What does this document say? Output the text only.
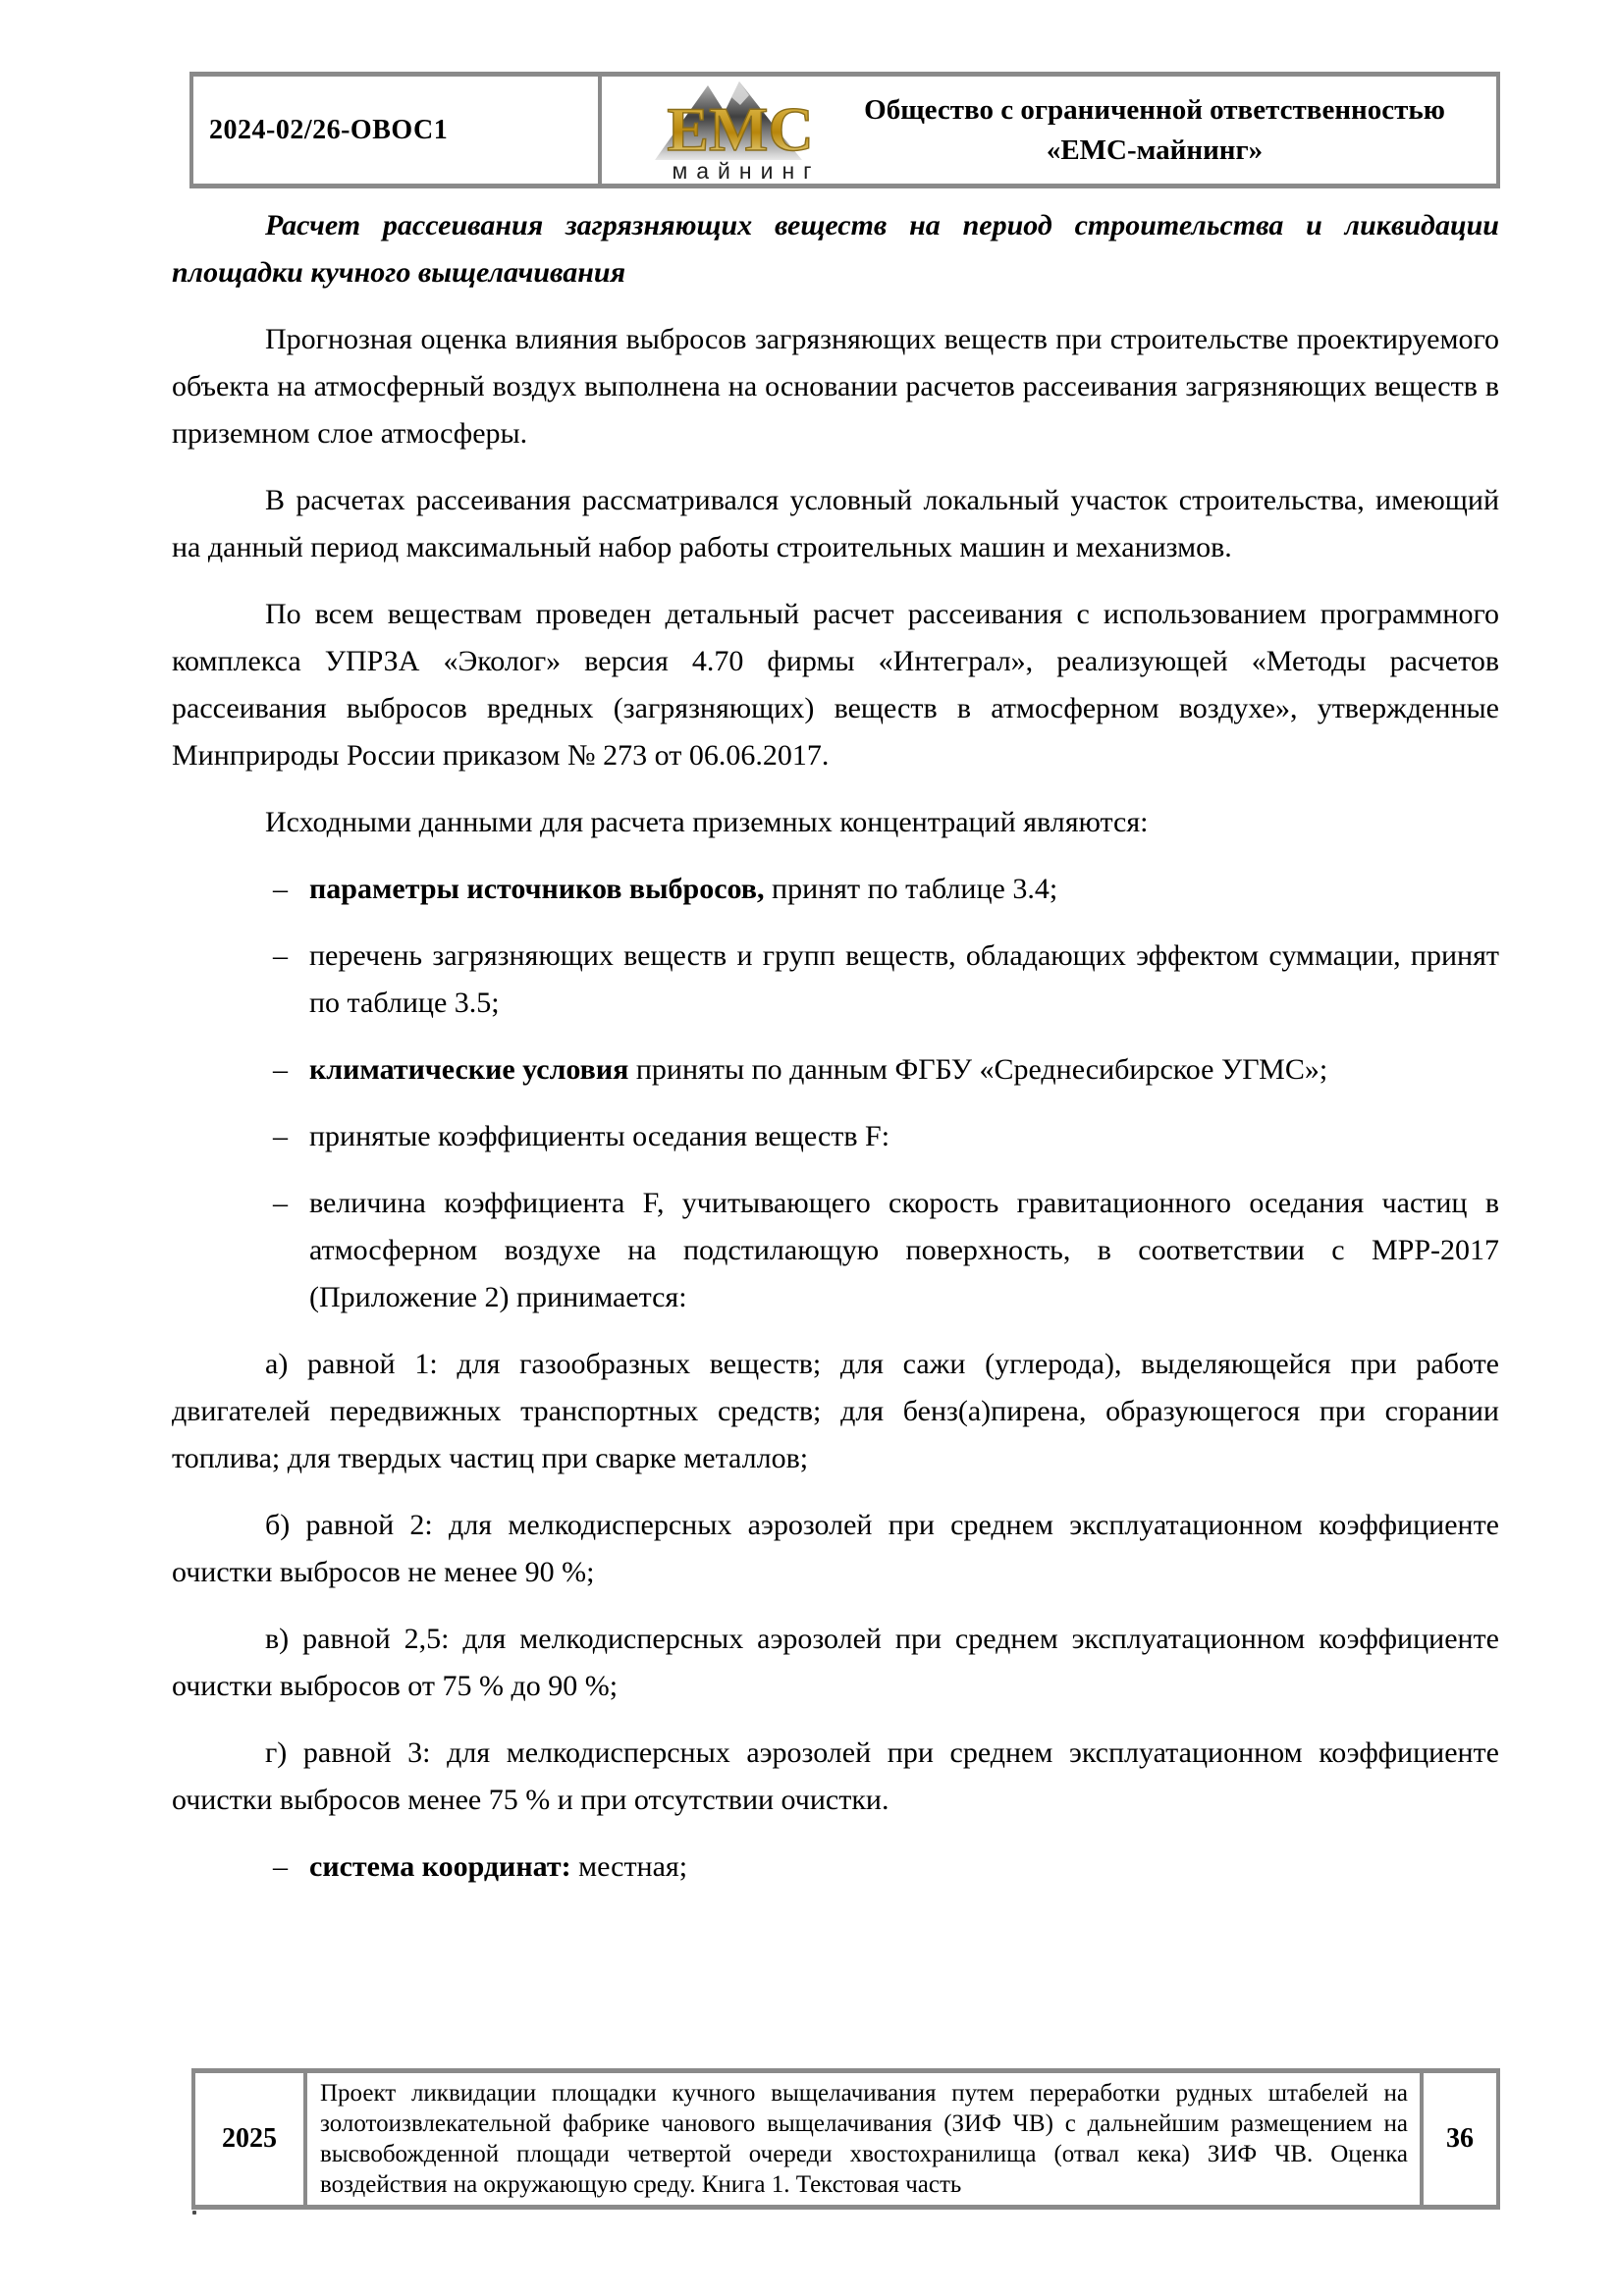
2024-02/26-ОВОС1	ЕМС
майнинг
Общество с ограниченной ответственностью
«ЕМС-майнинг»

Расчет рассеивания загрязняющих веществ на период строительства и ликвидации площадки кучного выщелачивания

Прогнозная оценка влияния выбросов загрязняющих веществ при строительстве проектируемого объекта на атмосферный воздух выполнена на основании расчетов рассеивания загрязняющих веществ в приземном слое атмосферы.

В расчетах рассеивания рассматривался условный локальный участок строительства, имеющий на данный период максимальный набор работы строительных машин и механизмов.

По всем веществам проведен детальный расчет рассеивания с использованием программного комплекса УПРЗА «Эколог» версия 4.70 фирмы «Интеграл», реализующей «Методы расчетов рассеивания выбросов вредных (загрязняющих) веществ в атмосферном воздухе», утвержденные Минприроды России приказом № 273 от 06.06.2017.

Исходными данными для расчета приземных концентраций являются:

– параметры источников выбросов, принят по таблице 3.4;
– перечень загрязняющих веществ и групп веществ, обладающих эффектом суммации, принят по таблице 3.5;
– климатические условия приняты по данным ФГБУ «Среднесибирское УГМС»;
– принятые коэффициенты оседания веществ F:
– величина коэффициента F, учитывающего скорость гравитационного оседания частиц в атмосферном воздухе на подстилающую поверхность, в соответствии с МРР-2017 (Приложение 2) принимается:

а) равной 1: для газообразных веществ; для сажи (углерода), выделяющейся при работе двигателей передвижных транспортных средств; для бенз(а)пирена, образующегося при сгорании топлива; для твердых частиц при сварке металлов;

б) равной 2: для мелкодисперсных аэрозолей при среднем эксплуатационном коэффициенте очистки выбросов не менее 90 %;

в) равной 2,5: для мелкодисперсных аэрозолей при среднем эксплуатационном коэффициенте очистки выбросов от 75 % до 90 %;

г) равной 3: для мелкодисперсных аэрозолей при среднем эксплуатационном коэффициенте очистки выбросов менее 75 % и при отсутствии очистки.

– система координат: местная;
2025
Проект ликвидации площадки кучного выщелачивания путем переработки рудных штабелей на золотоизвлекательной фабрике чанового выщелачивания (ЗИФ ЧВ) с дальнейшим размещением на высвобожденной площади четвертой очереди хвостохранилища (отвал кека) ЗИФ ЧВ. Оценка воздействия на окружающую среду. Книга 1. Текстовая часть
36
